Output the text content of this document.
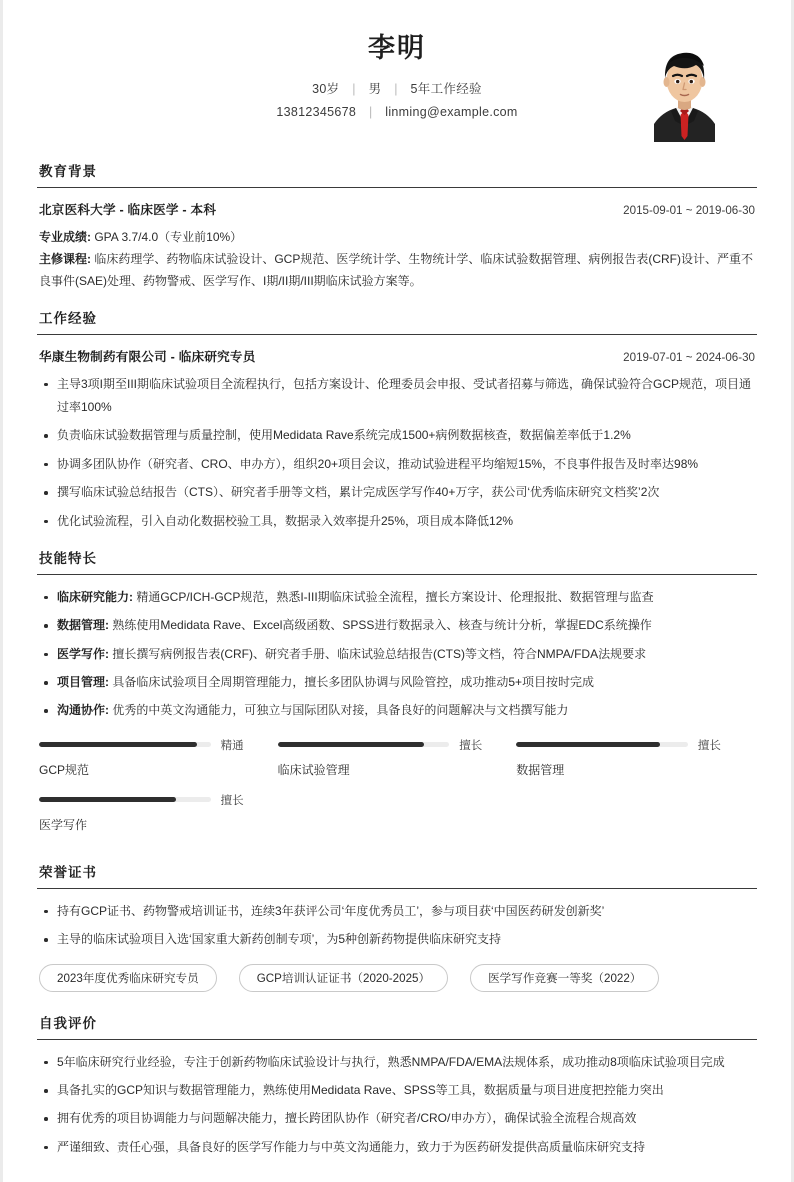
李明
30岁 | 男 | 5年工作经验
13812345678 | linming@example.com
教育背景
北京医科大学 - 临床医学 - 本科	2015-09-01 ~ 2019-06-30
专业成绩: GPA 3.7/4.0（专业前10%）
主修课程: 临床药理学、药物临床试验设计、GCP规范、医学统计学、生物统计学、临床试验数据管理、病例报告表(CRF)设计、严重不良事件(SAE)处理、药物警戒、医学写作、I期/II期/III期临床试验方案等。
工作经验
华康生物制药有限公司 - 临床研究专员	2019-07-01 ~ 2024-06-30
主导3项I期至III期临床试验项目全流程执行，包括方案设计、伦理委员会申报、受试者招募与筛选，确保试验符合GCP规范，项目通过率100%
负责临床试验数据管理与质量控制，使用Medidata Rave系统完成1500+病例数据核查，数据偏差率低于1.2%
协调多团队协作（研究者、CRO、申办方），组织20+项目会议，推动试验进程平均缩短15%，不良事件报告及时率达98%
撰写临床试验总结报告（CTS）、研究者手册等文档，累计完成医学写作40+万字，获公司‘优秀临床研究文档奖’2次
优化试验流程，引入自动化数据校验工具，数据录入效率提升25%，项目成本降低12%
技能特长
临床研究能力: 精通GCP/ICH-GCP规范，熟悉I-III期临床试验全流程，擅长方案设计、伦理报批、数据管理与监查
数据管理: 熟练使用Medidata Rave、Excel高级函数、SPSS进行数据录入、核查与统计分析，掌握EDC系统操作
医学写作: 擅长撰写病例报告表(CRF)、研究者手册、临床试验总结报告(CTS)等文档，符合NMPA/FDA法规要求
项目管理: 具备临床试验项目全周期管理能力，擅长多团队协调与风险管控，成功推动5+项目按时完成
沟通协作: 优秀的中英文沟通能力，可独立与国际团队对接，具备良好的问题解决与文档撰写能力
精通
GCP规范
擅长
临床试验管理
擅长
数据管理
擅长
医学写作
荣誉证书
持有GCP证书、药物警戒培训证书，连续3年获评公司‘年度优秀员工’，参与项目获‘中国医药研发创新奖’
主导的临床试验项目入选‘国家重大新药创制专项’，为5种创新药物提供临床研究支持
2023年度优秀临床研究专员	GCP培训认证证书（2020-2025）	医学写作竞赛一等奖（2022）
自我评价
5年临床研究行业经验，专注于创新药物临床试验设计与执行，熟悉NMPA/FDA/EMA法规体系，成功推动8项临床试验项目完成
具备扎实的GCP知识与数据管理能力，熟练使用Medidata Rave、SPSS等工具，数据质量与项目进度把控能力突出
拥有优秀的项目协调能力与问题解决能力，擅长跨团队协作（研究者/CRO/申办方），确保试验全流程合规高效
严谨细致、责任心强，具备良好的医学写作能力与中英文沟通能力，致力于为医药研发提供高质量临床研究支持
